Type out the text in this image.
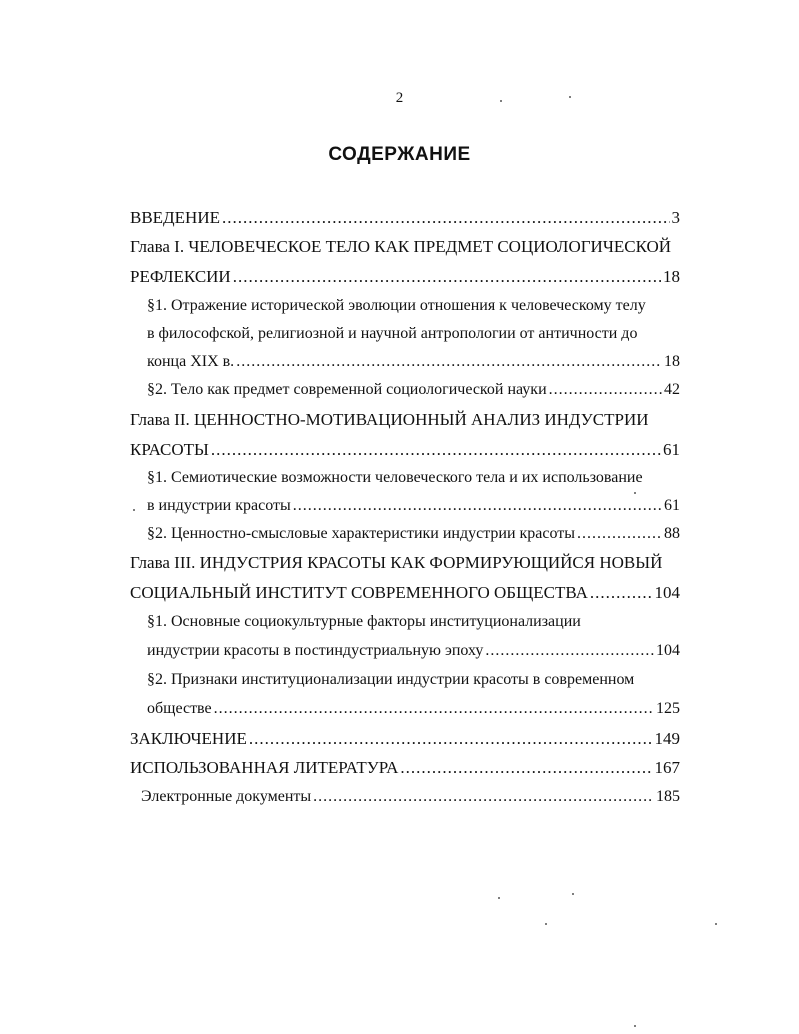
2
СОДЕРЖАНИЕ
ВВЕДЕНИЕ .....	3
Глава I. ЧЕЛОВЕЧЕСКОЕ ТЕЛО КАК ПРЕДМЕТ СОЦИОЛОГИЧЕСКОЙ
РЕФЛЕКСИИ .....	18
§1. Отражение исторической эволюции отношения к человеческому телу
в философской, религиозной и научной антропологии от античности до
конца XIX в. .....	18
§2. Тело как предмет современной социологической науки .....	42
Глава II. ЦЕННОСТНО-МОТИВАЦИОННЫЙ АНАЛИЗ ИНДУСТРИИ
КРАСОТЫ .....	61
§1. Семиотические возможности человеческого тела и их использование
в индустрии красоты .....	61
§2. Ценностно-смысловые характеристики индустрии красоты .....	88
Глава III. ИНДУСТРИЯ КРАСОТЫ КАК ФОРМИРУЮЩИЙСЯ НОВЫЙ
СОЦИАЛЬНЫЙ ИНСТИТУТ СОВРЕМЕННОГО ОБЩЕСТВА .....	104
§1. Основные социокультурные факторы институционализации
индустрии красоты в постиндустриальную эпоху .....	104
§2. Признаки институционализации индустрии красоты в современном
обществе .....	125
ЗАКЛЮЧЕНИЕ .....	149
ИСПОЛЬЗОВАННАЯ ЛИТЕРАТУРА .....	167
Электронные документы .....	185
